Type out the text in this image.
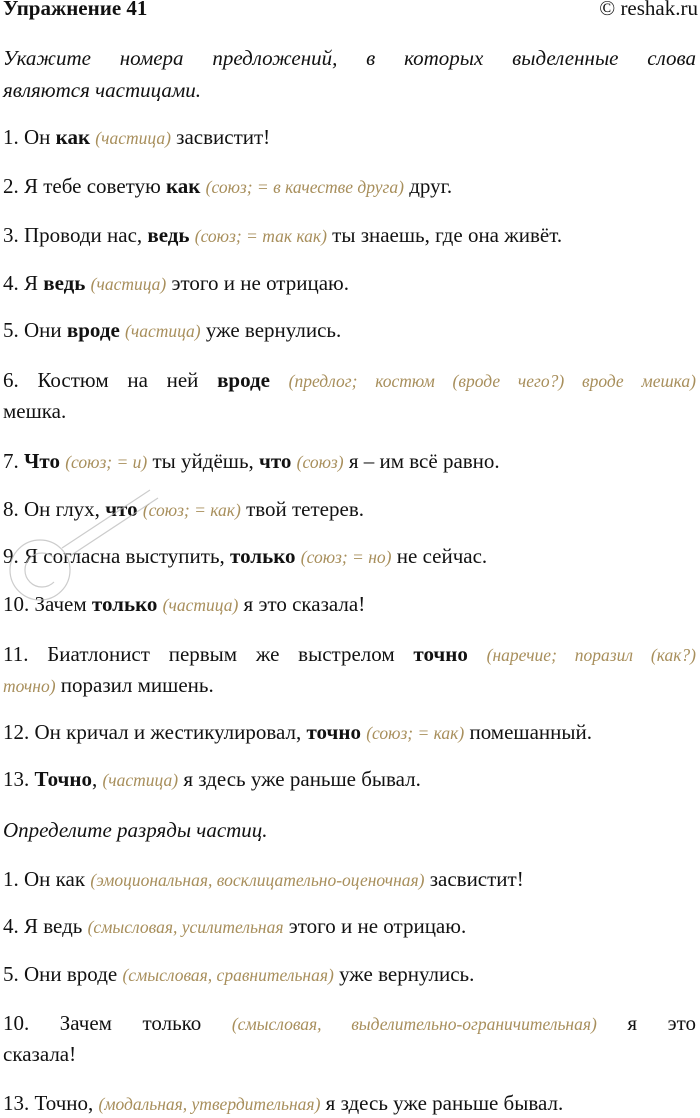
Упражнение 41	© reshak.ru
Укажите номера предложений, в которых выделенные слова
являются частицами.
1. Он как (частица) засвистит!
2. Я тебе советую как (союз; = в качестве друга) друг.
3. Проводи нас, ведь (союз; = так как) ты знаешь, где она живёт.
4. Я ведь (частица) этого и не отрицаю.
5. Они вроде (частица) уже вернулись.
6. Костюм на ней вроде (предлог; костюм (вроде чего?) вроде мешка)
мешка.
7. Что (союз; = и) ты уйдёшь, что (союз) я – им всё равно.
8. Он глух, что (союз; = как) твой тетерев.
9. Я согласна выступить, только (союз; = но) не сейчас.
10. Зачем только (частица) я это сказала!
11. Биатлонист первым же выстрелом точно (наречие; поразил (как?)
точно) поразил мишень.
12. Он кричал и жестикулировал, точно (союз; = как) помешанный.
13. Точно, (частица) я здесь уже раньше бывал.
Определите разряды частиц.
1. Он как (эмоциональная, восклицательно-оценочная) засвистит!
4. Я ведь (смысловая, усилительная этого и не отрицаю.
5. Они вроде (смысловая, сравнительная) уже вернулись.
10. Зачем только (смысловая, выделительно-ограничительная) я это
сказала!
13. Точно, (модальная, утвердительная) я здесь уже раньше бывал.
